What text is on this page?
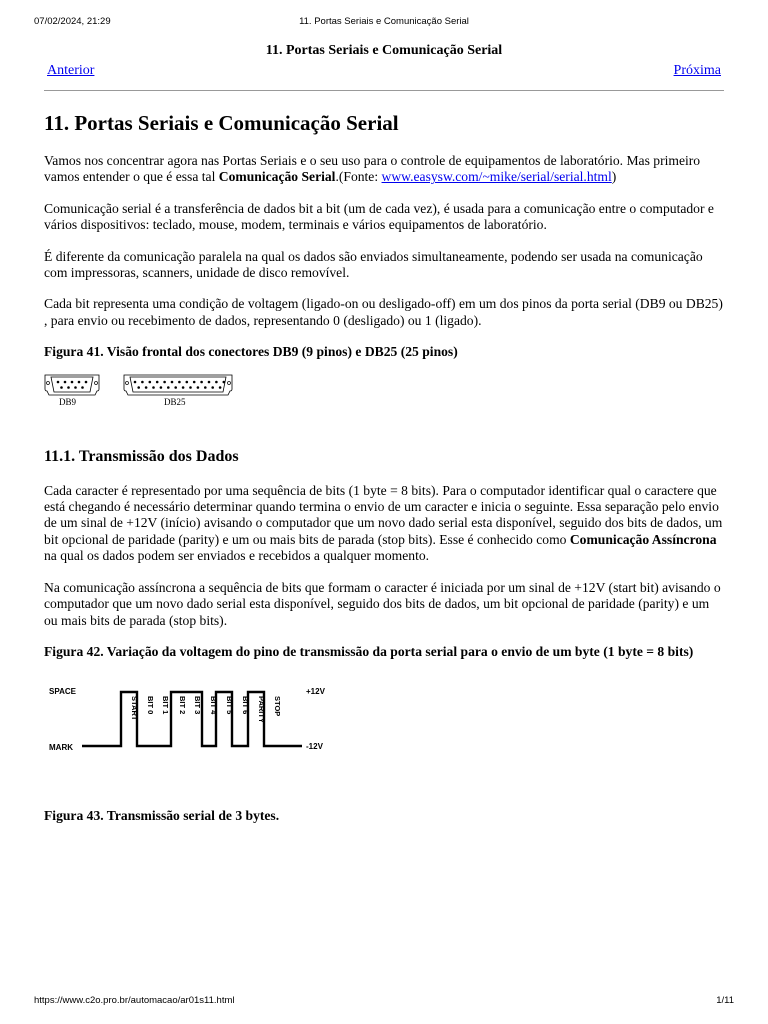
07/02/2024, 21:29	11. Portas Seriais e Comunicação Serial
11. Portas Seriais e Comunicação Serial
Anterior	Próxima
11. Portas Seriais e Comunicação Serial

Vamos nos concentrar agora nas Portas Seriais e o seu uso para o controle de equipamentos de laboratório. Mas primeiro vamos entender o que é essa tal Comunicação Serial.(Fonte: www.easysw.com/~mike/serial/serial.html)

Comunicação serial é a transferência de dados bit a bit (um de cada vez), é usada para a comunicação entre o computador e vários dispositivos: teclado, mouse, modem, terminais e vários equipamentos de laboratório.

É diferente da comunicação paralela na qual os dados são enviados simultaneamente, podendo ser usada na comunicação com impressoras, scanners, unidade de disco removível.

Cada bit representa uma condição de voltagem (ligado-on ou desligado-off) em um dos pinos da porta serial (DB9 ou DB25) , para envio ou recebimento de dados, representando 0 (desligado) ou 1 (ligado).

Figura 41. Visão frontal dos conectores DB9 (9 pinos) e DB25 (25 pinos)
DB9	DB25
11.1. Transmissão dos Dados

Cada caracter é representado por uma sequência de bits (1 byte = 8 bits). Para o computador identificar qual o caractere que está chegando é necessário determinar quando termina o envio de um caracter e inicia o seguinte. Essa separação pelo envio de um sinal de +12V (início) avisando o computador que um novo dado serial esta disponível, seguido dos bits de dados, um bit opcional de paridade (parity) e um ou mais bits de parada (stop bits). Esse é conhecido como Comunicação Assíncrona na qual os dados podem ser enviados e recebidos a qualquer momento.

Na comunicação assíncrona a sequência de bits que formam o caracter é iniciada por um sinal de +12V (start bit) avisando o computador que um novo dado serial esta disponível, seguido dos bits de dados, um bit opcional de paridade (parity) e um ou mais bits de parada (stop bits).

Figura 42. Variação da voltagem do pino de transmissão da porta serial para o envio de um byte (1 byte = 8 bits)
SPACE
MARK
+12V
-12V
START BIT 0 BIT 1 BIT 2 BIT 3 BIT 4 BIT 5 BIT 6 PARITY STOP
Figura 43. Transmissão serial de 3 bytes.
https://www.c2o.pro.br/automacao/ar01s11.html	1/11
